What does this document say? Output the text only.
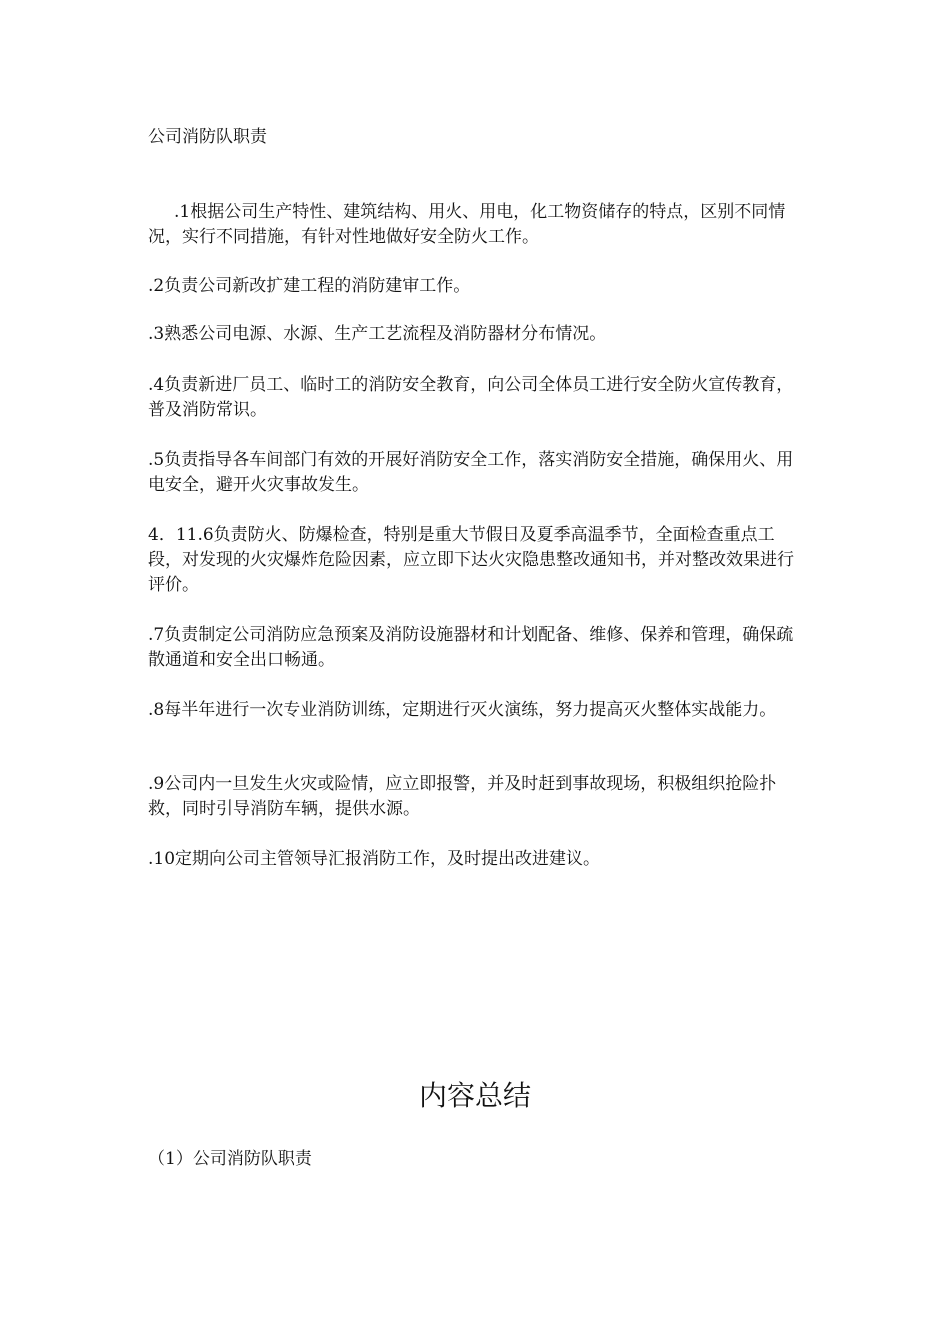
公司消防队职责

.1根据公司生产特性、建筑结构、用火、用电，化工物资储存的特点，区别不同情况，实行不同措施，有针对性地做好安全防火工作。

.2负责公司新改扩建工程的消防建审工作。

.3熟悉公司电源、水源、生产工艺流程及消防器材分布情况。

.4负责新进厂员工、临时工的消防安全教育，向公司全体员工进行安全防火宣传教育，普及消防常识。

.5负责指导各车间部门有效的开展好消防安全工作，落实消防安全措施，确保用火、用电安全，避开火灾事故发生。

4．11.6负责防火、防爆检查，特别是重大节假日及夏季高温季节，全面检查重点工段，对发现的火灾爆炸危险因素，应立即下达火灾隐患整改通知书，并对整改效果进行评价。

.7负责制定公司消防应急预案及消防设施器材和计划配备、维修、保养和管理，确保疏散通道和安全出口畅通。

.8每半年进行一次专业消防训练，定期进行灭火演练，努力提高灭火整体实战能力。

.9公司内一旦发生火灾或险情，应立即报警，并及时赶到事故现场，积极组织抢险扑救，同时引导消防车辆，提供水源。

.10定期向公司主管领导汇报消防工作，及时提出改进建议。

内容总结
（1）公司消防队职责
